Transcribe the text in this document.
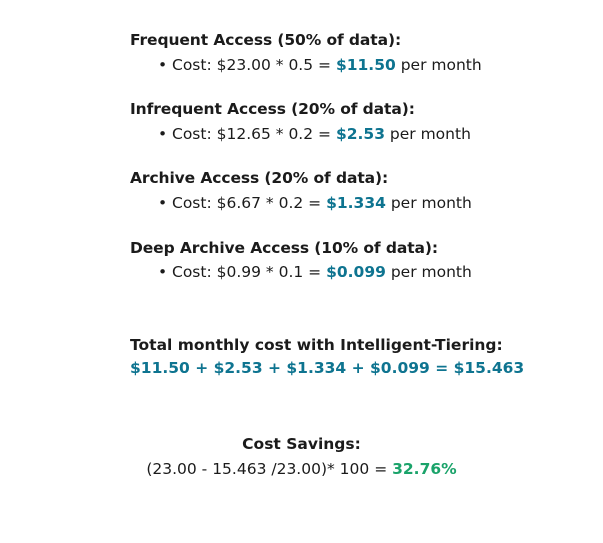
Frequent Access (50% of data):
• Cost: $23.00 * 0.5 = $11.50 per month
Infrequent Access (20% of data):
• Cost: $12.65 * 0.2 = $2.53 per month
Archive Access (20% of data):
• Cost: $6.67 * 0.2 = $1.334 per month
Deep Archive Access (10% of data):
• Cost: $0.99 * 0.1 = $0.099 per month
Total monthly cost with Intelligent-Tiering:
$11.50 + $2.53 + $1.334 + $0.099 = $15.463
Cost Savings:
(23.00 - 15.463 /23.00)* 100 = 32.76%
